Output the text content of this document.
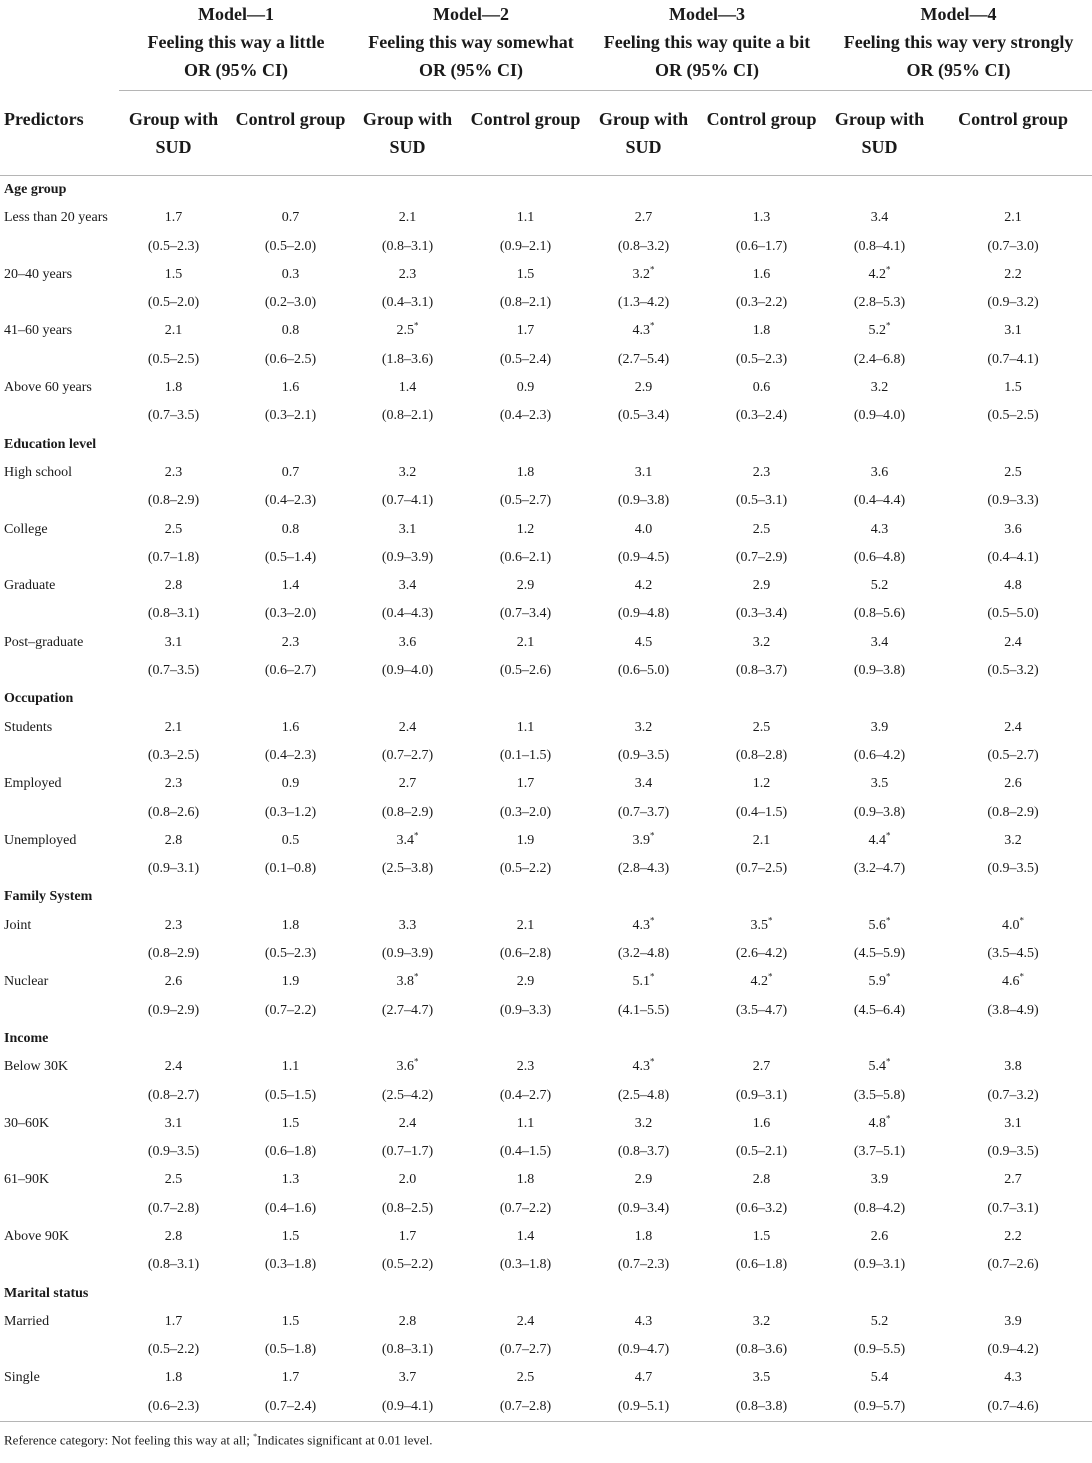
	Model—1
Feeling this way a little
OR (95% CI)		Model—2
Feeling this way somewhat
OR (95% CI)		Model—3
Feeling this way quite a bit
OR (95% CI)		Model—4
Feeling this way very strongly
OR (95% CI)	

Predictors	Group with
SUD	Control group	Group with
SUD	Control group	Group with
SUD	Control group	Group with
SUD	Control group
Age group								
Less than 20 years	1.7	0.7	2.1	1.1	2.7	1.3	3.4	2.1
	(0.5–2.3)	(0.5–2.0)	(0.8–3.1)	(0.9–2.1)	(0.8–3.2)	(0.6–1.7)	(0.8–4.1)	(0.7–3.0)
20–40 years	1.5	0.3	2.3	1.5	3.2*	1.6	4.2*	2.2
	(0.5–2.0)	(0.2–3.0)	(0.4–3.1)	(0.8–2.1)	(1.3–4.2)	(0.3–2.2)	(2.8–5.3)	(0.9–3.2)
41–60 years	2.1	0.8	2.5*	1.7	4.3*	1.8	5.2*	3.1
	(0.5–2.5)	(0.6–2.5)	(1.8–3.6)	(0.5–2.4)	(2.7–5.4)	(0.5–2.3)	(2.4–6.8)	(0.7–4.1)
Above 60 years	1.8	1.6	1.4	0.9	2.9	0.6	3.2	1.5
	(0.7–3.5)	(0.3–2.1)	(0.8–2.1)	(0.4–2.3)	(0.5–3.4)	(0.3–2.4)	(0.9–4.0)	(0.5–2.5)
Education level								
High school	2.3	0.7	3.2	1.8	3.1	2.3	3.6	2.5
	(0.8–2.9)	(0.4–2.3)	(0.7–4.1)	(0.5–2.7)	(0.9–3.8)	(0.5–3.1)	(0.4–4.4)	(0.9–3.3)
College	2.5	0.8	3.1	1.2	4.0	2.5	4.3	3.6
	(0.7–1.8)	(0.5–1.4)	(0.9–3.9)	(0.6–2.1)	(0.9–4.5)	(0.7–2.9)	(0.6–4.8)	(0.4–4.1)
Graduate	2.8	1.4	3.4	2.9	4.2	2.9	5.2	4.8
	(0.8–3.1)	(0.3–2.0)	(0.4–4.3)	(0.7–3.4)	(0.9–4.8)	(0.3–3.4)	(0.8–5.6)	(0.5–5.0)
Post–graduate	3.1	2.3	3.6	2.1	4.5	3.2	3.4	2.4
	(0.7–3.5)	(0.6–2.7)	(0.9–4.0)	(0.5–2.6)	(0.6–5.0)	(0.8–3.7)	(0.9–3.8)	(0.5–3.2)
Occupation								
Students	2.1	1.6	2.4	1.1	3.2	2.5	3.9	2.4
	(0.3–2.5)	(0.4–2.3)	(0.7–2.7)	(0.1–1.5)	(0.9–3.5)	(0.8–2.8)	(0.6–4.2)	(0.5–2.7)
Employed	2.3	0.9	2.7	1.7	3.4	1.2	3.5	2.6
	(0.8–2.6)	(0.3–1.2)	(0.8–2.9)	(0.3–2.0)	(0.7–3.7)	(0.4–1.5)	(0.9–3.8)	(0.8–2.9)
Unemployed	2.8	0.5	3.4*	1.9	3.9*	2.1	4.4*	3.2
	(0.9–3.1)	(0.1–0.8)	(2.5–3.8)	(0.5–2.2)	(2.8–4.3)	(0.7–2.5)	(3.2–4.7)	(0.9–3.5)
Family System								
Joint	2.3	1.8	3.3	2.1	4.3*	3.5*	5.6*	4.0*
	(0.8–2.9)	(0.5–2.3)	(0.9–3.9)	(0.6–2.8)	(3.2–4.8)	(2.6–4.2)	(4.5–5.9)	(3.5–4.5)
Nuclear	2.6	1.9	3.8*	2.9	5.1*	4.2*	5.9*	4.6*
	(0.9–2.9)	(0.7–2.2)	(2.7–4.7)	(0.9–3.3)	(4.1–5.5)	(3.5–4.7)	(4.5–6.4)	(3.8–4.9)
Income								
Below 30K	2.4	1.1	3.6*	2.3	4.3*	2.7	5.4*	3.8
	(0.8–2.7)	(0.5–1.5)	(2.5–4.2)	(0.4–2.7)	(2.5–4.8)	(0.9–3.1)	(3.5–5.8)	(0.7–3.2)
30–60K	3.1	1.5	2.4	1.1	3.2	1.6	4.8*	3.1
	(0.9–3.5)	(0.6–1.8)	(0.7–1.7)	(0.4–1.5)	(0.8–3.7)	(0.5–2.1)	(3.7–5.1)	(0.9–3.5)
61–90K	2.5	1.3	2.0	1.8	2.9	2.8	3.9	2.7
	(0.7–2.8)	(0.4–1.6)	(0.8–2.5)	(0.7–2.2)	(0.9–3.4)	(0.6–3.2)	(0.8–4.2)	(0.7–3.1)
Above 90K	2.8	1.5	1.7	1.4	1.8	1.5	2.6	2.2
	(0.8–3.1)	(0.3–1.8)	(0.5–2.2)	(0.3–1.8)	(0.7–2.3)	(0.6–1.8)	(0.9–3.1)	(0.7–2.6)
Marital status								
Married	1.7	1.5	2.8	2.4	4.3	3.2	5.2	3.9
	(0.5–2.2)	(0.5–1.8)	(0.8–3.1)	(0.7–2.7)	(0.9–4.7)	(0.8–3.6)	(0.9–5.5)	(0.9–4.2)
Single	1.8	1.7	3.7	2.5	4.7	3.5	5.4	4.3
	(0.6–2.3)	(0.7–2.4)	(0.9–4.1)	(0.7–2.8)	(0.9–5.1)	(0.8–3.8)	(0.9–5.7)	(0.7–4.6)
Reference category: Not feeling this way at all; *Indicates significant at 0.01 level.
